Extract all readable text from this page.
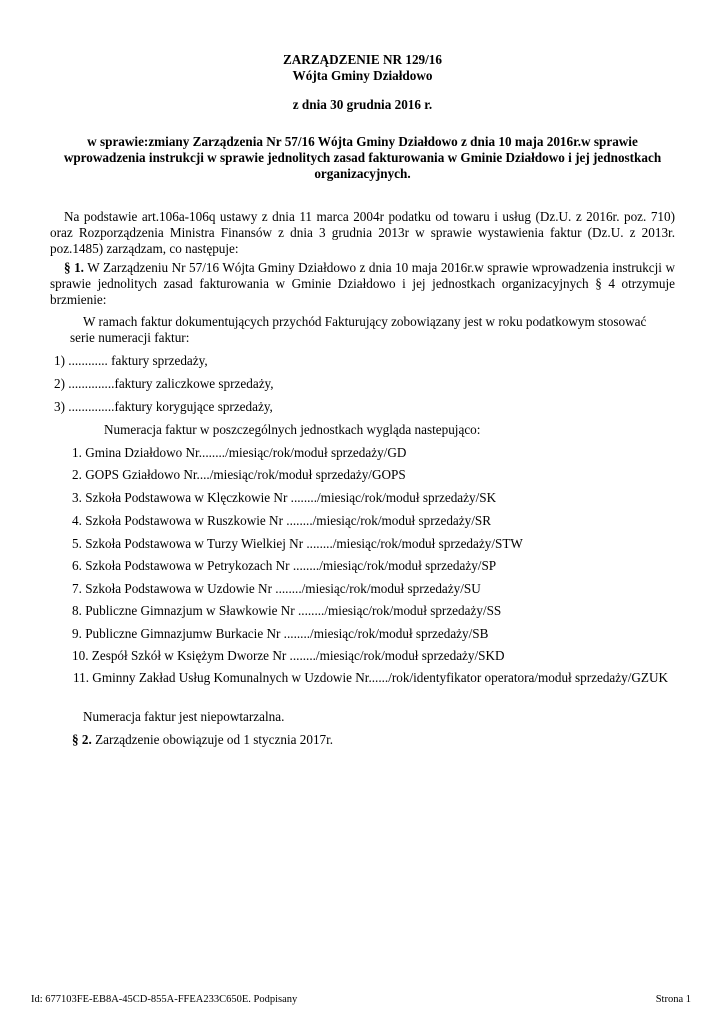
ZARZĄDZENIE NR 129/16
Wójta Gminy Działdowo
z dnia 30 grudnia 2016 r.
w sprawie:zmiany Zarządzenia Nr 57/16 Wójta Gminy Działdowo z dnia 10 maja 2016r.w sprawie wprowadzenia instrukcji w sprawie jednolitych zasad fakturowania w Gminie Działdowo i jej jednostkach organizacyjnych.
Na podstawie art.106a-106q ustawy z dnia 11 marca 2004r podatku od towaru i usług (Dz.U. z 2016r. poz. 710) oraz Rozporządzenia Ministra Finansów z dnia 3 grudnia 2013r w sprawie wystawienia faktur (Dz.U. z 2013r. poz.1485) zarządzam, co następuje:
§ 1. W Zarządzeniu Nr 57/16 Wójta Gminy Działdowo z dnia 10 maja 2016r.w sprawie wprowadzenia instrukcji w sprawie jednolitych zasad fakturowania w Gminie Działdowo i jej jednostkach organizacyjnych § 4 otrzymuje brzmienie:
W ramach faktur dokumentujących przychód Fakturujący zobowiązany jest w roku podatkowym stosować
serie numeracji faktur:
1) ............ faktury sprzedaży,
2) ..............faktury zaliczkowe sprzedaży,
3) ..............faktury korygujące sprzedaży,
Numeracja faktur w poszczególnych jednostkach wygląda nastepująco:
1. Gmina Działdowo Nr......../miesiąc/rok/moduł sprzedaży/GD
2. GOPS Gziałdowo Nr..../miesiąc/rok/moduł sprzedaży/GOPS
3. Szkoła Podstawowa w Klęczkowie Nr ......../miesiąc/rok/moduł sprzedaży/SK
4. Szkoła Podstawowa w Ruszkowie Nr ......../miesiąc/rok/moduł sprzedaży/SR
5. Szkoła Podstawowa w Turzy Wielkiej Nr ......../miesiąc/rok/moduł sprzedaży/STW
6. Szkoła Podstawowa w Petrykozach Nr ......../miesiąc/rok/moduł sprzedaży/SP
7. Szkoła Podstawowa w Uzdowie Nr ......../miesiąc/rok/moduł sprzedaży/SU
8. Publiczne Gimnazjum w Sławkowie Nr ......../miesiąc/rok/moduł sprzedaży/SS
9. Publiczne Gimnazjumw Burkacie Nr ......../miesiąc/rok/moduł sprzedaży/SB
10. Zespół Szkół w Księżym Dworze Nr ......../miesiąc/rok/moduł sprzedaży/SKD
11. Gminny Zakład Usług Komunalnych w Uzdowie Nr....../rok/identyfikator operatora/moduł sprzedaży/GZUK
Numeracja faktur jest niepowtarzalna.
§ 2. Zarządzenie obowiązuje od 1 stycznia 2017r.
Id: 677103FE-EB8A-45CD-855A-FFEA233C650E. Podpisany	Strona 1
